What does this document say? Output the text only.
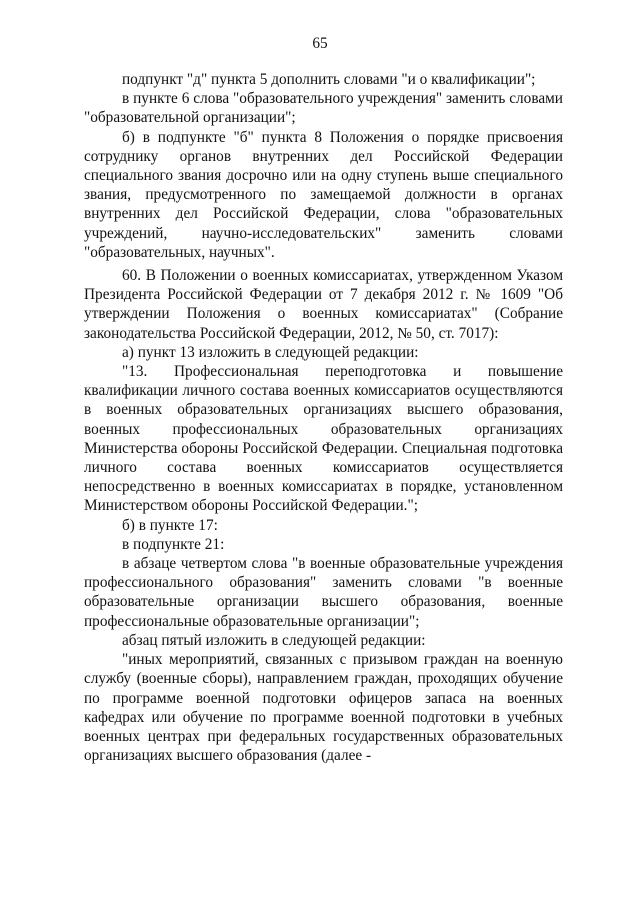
65

подпункт "д" пункта 5 дополнить словами "и о квалификации";

в пункте 6 слова "образовательного учреждения" заменить словами "образовательной организации";

б) в подпункте "б" пункта 8 Положения о порядке присвоения сотруднику органов внутренних дел Российской Федерации специального звания досрочно или на одну ступень выше специального звания, предусмотренного по замещаемой должности в органах внутренних дел Российской Федерации, слова "образовательных учреждений, научно-исследовательских" заменить словами "образовательных, научных".

60. В Положении о военных комиссариатах, утвержденном Указом Президента Российской Федерации от 7 декабря 2012 г. № 1609 "Об утверждении Положения о военных комиссариатах" (Собрание законодательства Российской Федерации, 2012, № 50, ст. 7017):

а) пункт 13 изложить в следующей редакции:

"13. Профессиональная переподготовка и повышение квалификации личного состава военных комиссариатов осуществляются в военных образовательных организациях высшего образования, военных профессиональных образовательных организациях Министерства обороны Российской Федерации. Специальная подготовка личного состава военных комиссариатов осуществляется непосредственно в военных комиссариатах в порядке, установленном Министерством обороны Российской Федерации.";

б) в пункте 17:

в подпункте 21:

в абзаце четвертом слова "в военные образовательные учреждения профессионального образования" заменить словами "в военные образовательные организации высшего образования, военные профессиональные образовательные организации";

абзац пятый изложить в следующей редакции:

"иных мероприятий, связанных с призывом граждан на военную службу (военные сборы), направлением граждан, проходящих обучение по программе военной подготовки офицеров запаса на военных кафедрах или обучение по программе военной подготовки в учебных военных центрах при федеральных государственных образовательных организациях высшего образования (далее -
